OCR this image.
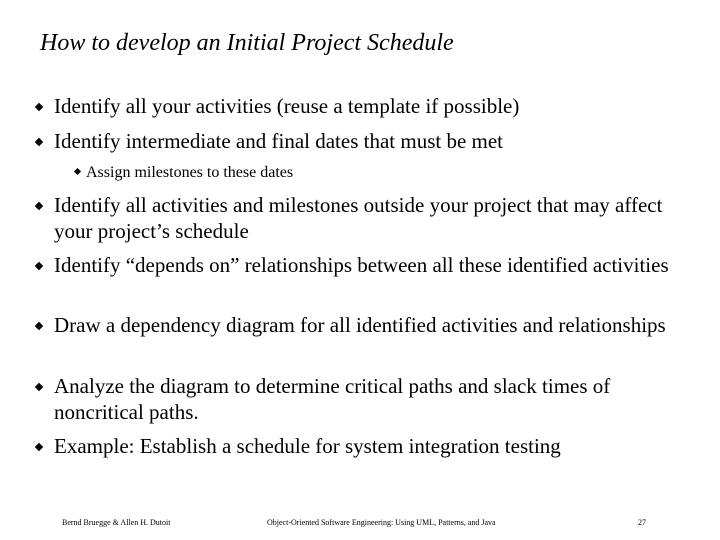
How to develop an Initial Project Schedule
Identify all your activities (reuse a template if possible)
Identify intermediate and final dates that must be met
Assign milestones to these dates
Identify all activities and milestones outside your project that may affect your project’s schedule
Identify “depends on” relationships between all these identified activities
Draw a dependency diagram for all identified activities and relationships
Analyze the diagram to determine critical paths and slack times of noncritical paths.
Example: Establish a schedule for system integration testing
Bernd Bruegge & Allen H. Dutoit	Object-Oriented Software Engineering: Using UML, Patterns, and Java	27
